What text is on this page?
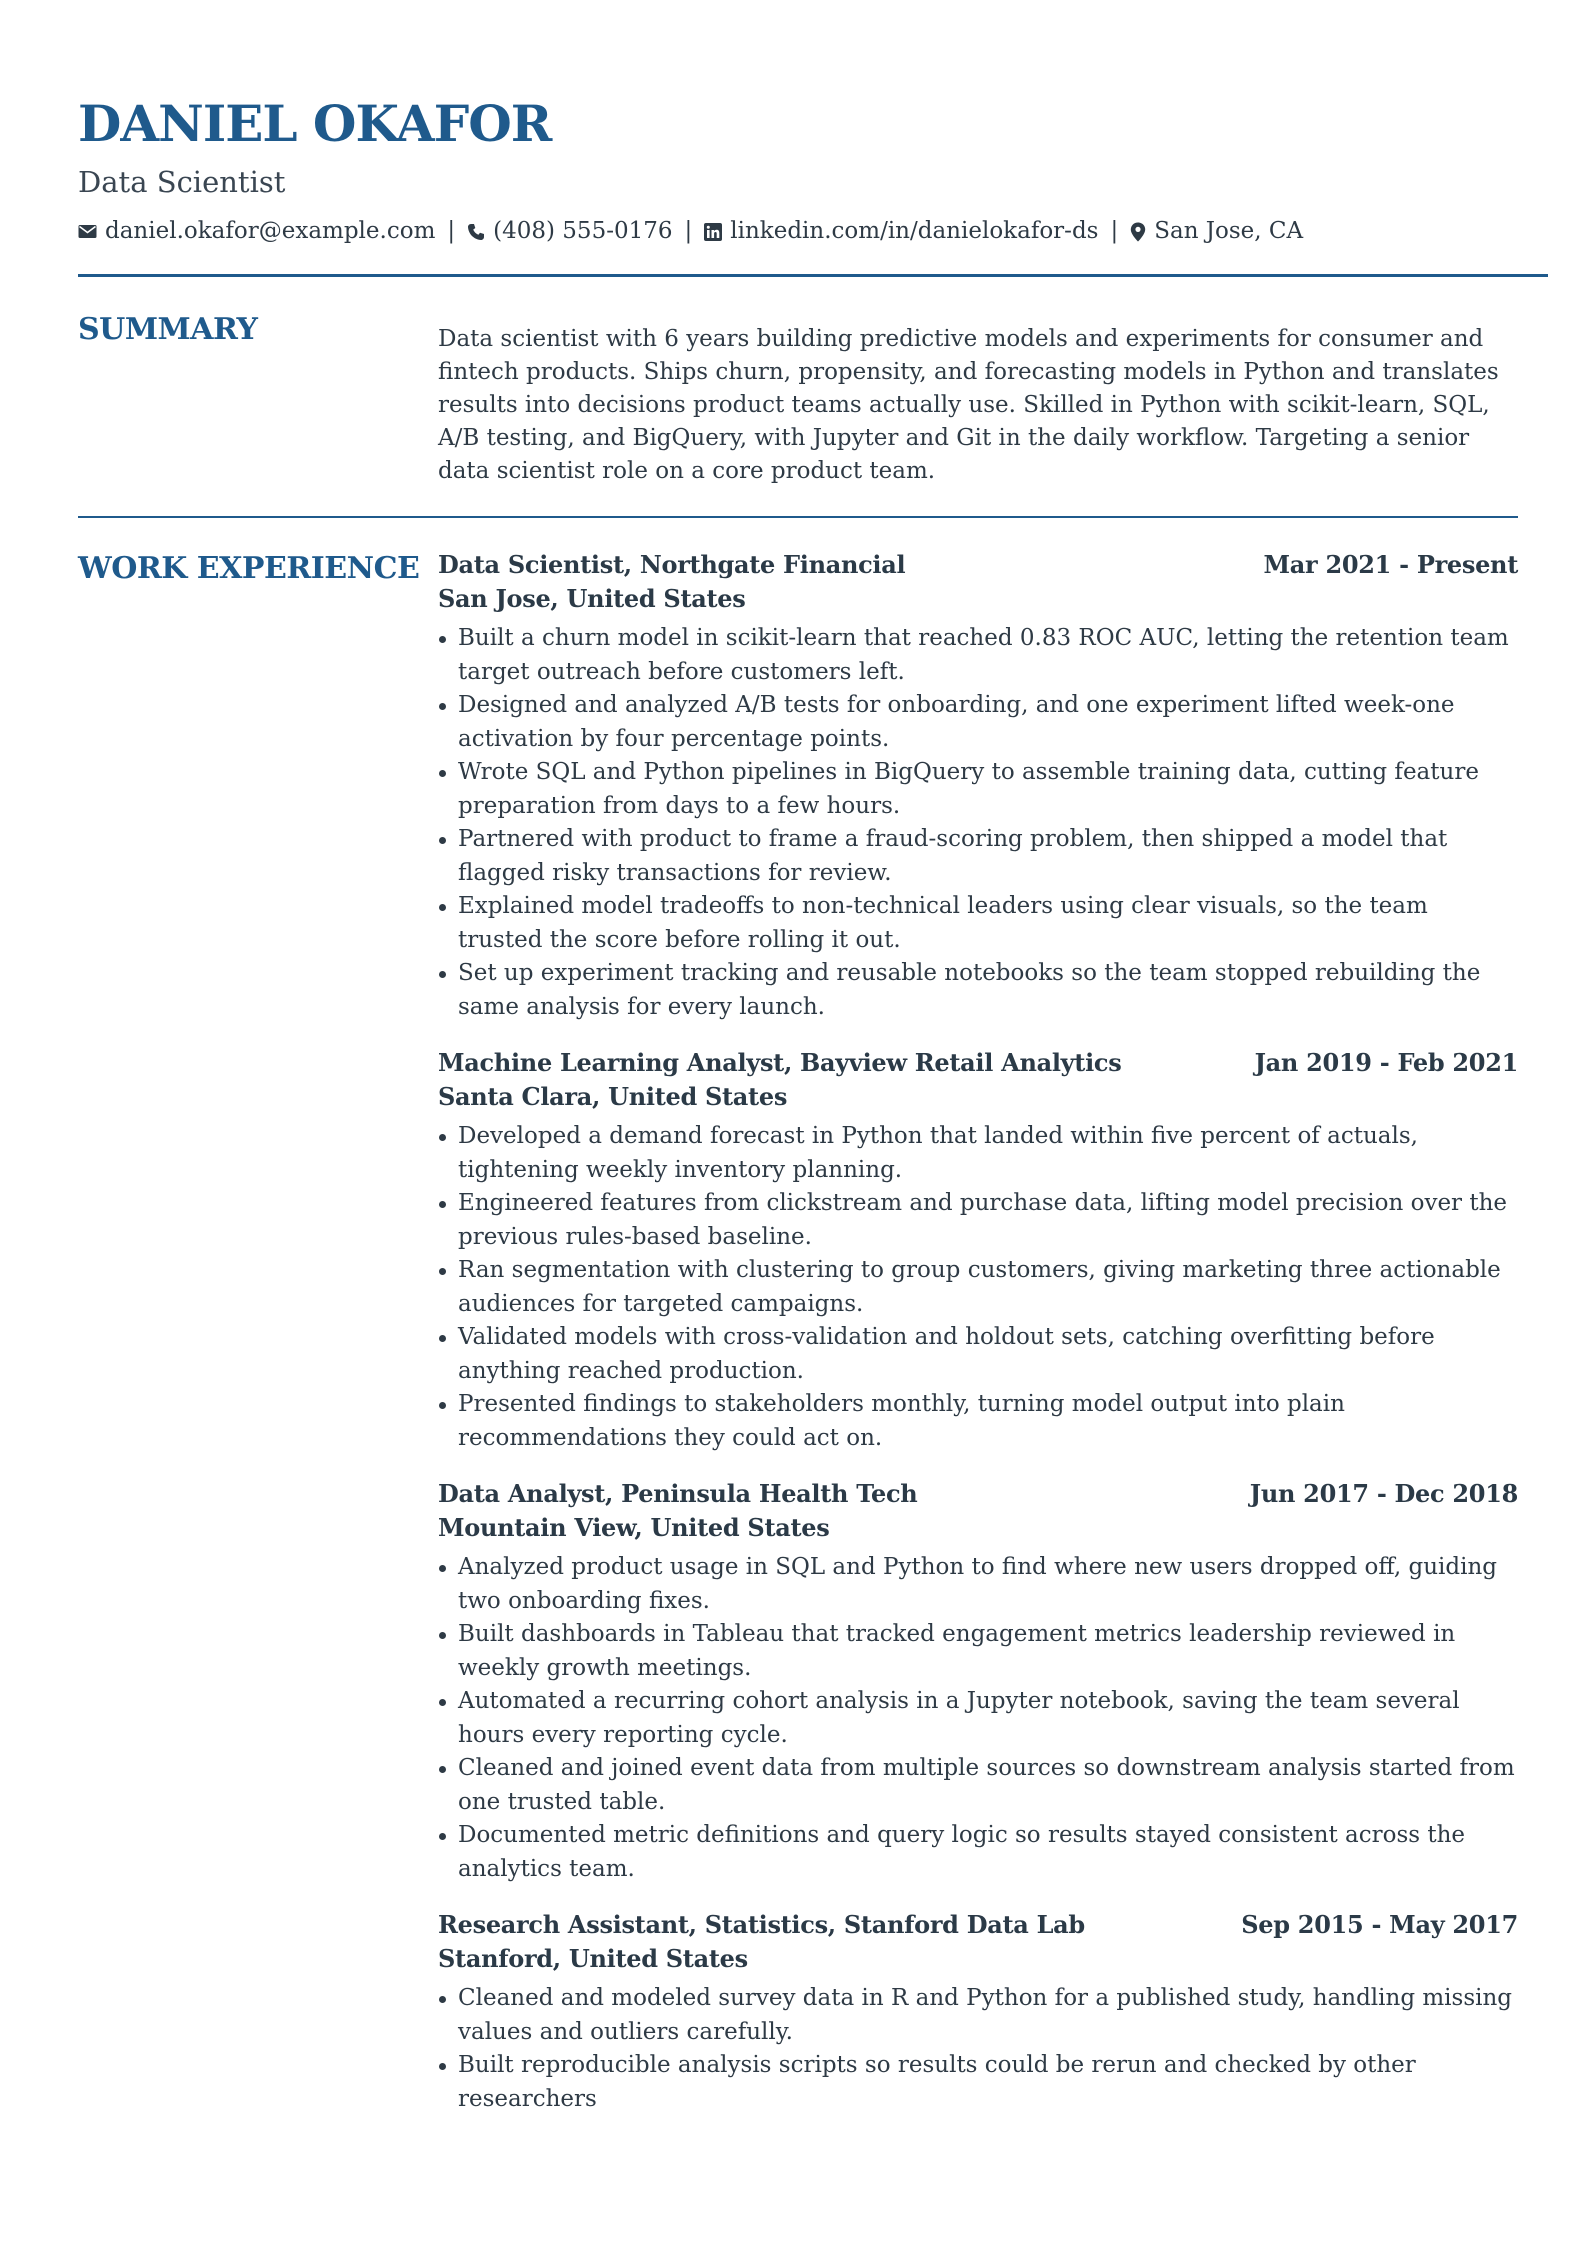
DANIEL OKAFOR
Data Scientist
daniel.okafor@example.com | (408) 555-0176 | linkedin.com/in/danielokafor-ds | San Jose, CA
SUMMARY	Data scientist with 6 years building predictive models and experiments for consumer and fintech products. Ships churn, propensity, and forecasting models in Python and translates results into decisions product teams actually use. Skilled in Python with scikit-learn, SQL, A/B testing, and BigQuery, with Jupyter and Git in the daily workflow. Targeting a senior data scientist role on a core product team.

WORK EXPERIENCE Data Scientist, Northgate Financial	Mar 2021 - Present
San Jose, United States
Built a churn model in scikit-learn that reached 0.83 ROC AUC, letting the retention team target outreach before customers left.
Designed and analyzed A/B tests for onboarding, and one experiment lifted week-one activation by four percentage points.
Wrote SQL and Python pipelines in BigQuery to assemble training data, cutting feature preparation from days to a few hours.
Partnered with product to frame a fraud-scoring problem, then shipped a model that flagged risky transactions for review.
Explained model tradeoffs to non-technical leaders using clear visuals, so the team trusted the score before rolling it out.
Set up experiment tracking and reusable notebooks so the team stopped rebuilding the same analysis for every launch.
Machine Learning Analyst, Bayview Retail Analytics	Jan 2019 - Feb 2021
Santa Clara, United States
Developed a demand forecast in Python that landed within five percent of actuals, tightening weekly inventory planning.
Engineered features from clickstream and purchase data, lifting model precision over the previous rules-based baseline.
Ran segmentation with clustering to group customers, giving marketing three actionable audiences for targeted campaigns.
Validated models with cross-validation and holdout sets, catching overfitting before anything reached production.
Presented findings to stakeholders monthly, turning model output into plain recommendations they could act on.
Data Analyst, Peninsula Health Tech	Jun 2017 - Dec 2018
Mountain View, United States
Analyzed product usage in SQL and Python to find where new users dropped off, guiding two onboarding fixes.
Built dashboards in Tableau that tracked engagement metrics leadership reviewed in weekly growth meetings.
Automated a recurring cohort analysis in a Jupyter notebook, saving the team several hours every reporting cycle.
Cleaned and joined event data from multiple sources so downstream analysis started from one trusted table.
Documented metric definitions and query logic so results stayed consistent across the analytics team.
Research Assistant, Statistics, Stanford Data Lab	Sep 2015 - May 2017
Stanford, United States
Cleaned and modeled survey data in R and Python for a published study, handling missing values and outliers carefully.
Built reproducible analysis scripts so results could be rerun and checked by other researchers
